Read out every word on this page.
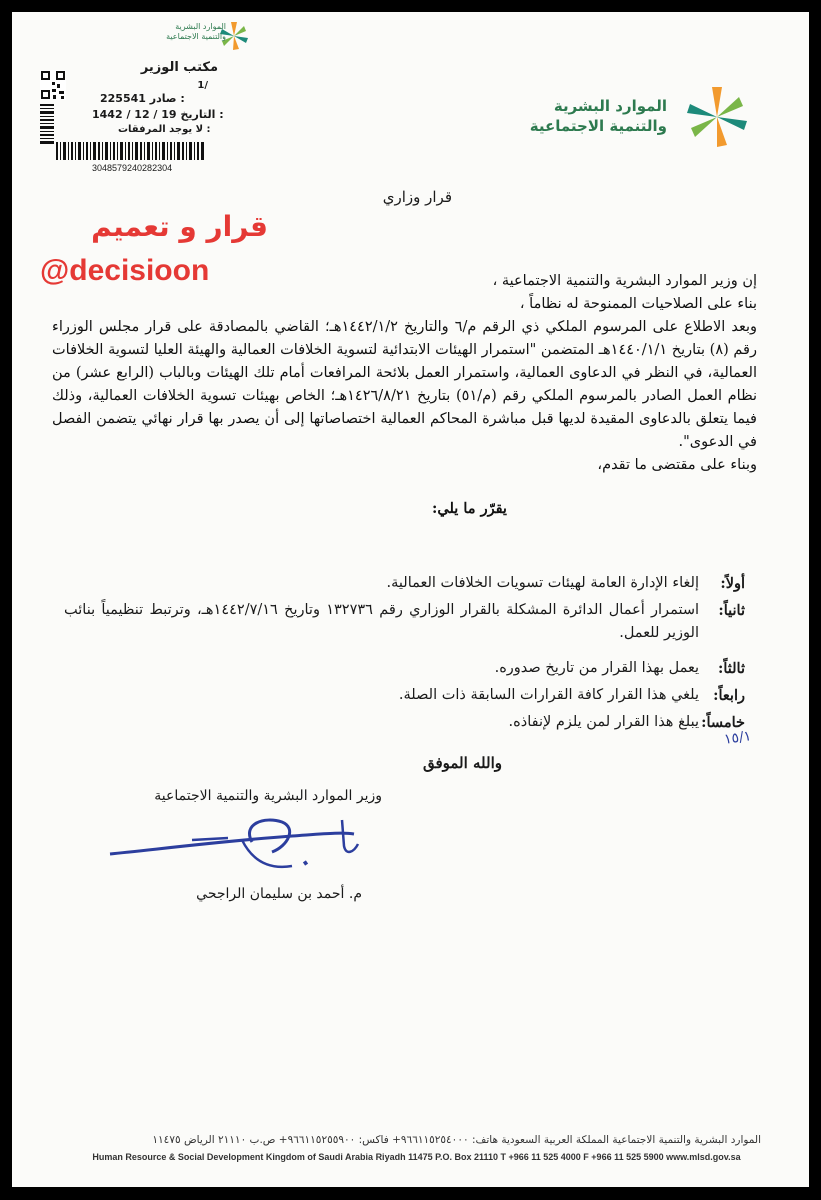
الموارد البشرية
والتنمية الاجتماعية
مكتب الوزير
/1
225541 صادر :
1442 / 12 / 19 التاريخ :
لا يوجد المرفقات :
3048579240282304
الموارد البشرية
والتنمية الاجتماعية
قرار وزاري
قرار و تعميم
@decisioon	إن وزير الموارد البشرية والتنمية الاجتماعية ،

بناء على الصلاحيات الممنوحة له نظاماً ،

وبعد الاطلاع على المرسوم الملكي ذي الرقم م/٦ والتاريخ ١٤٤٢/١/٢هـ؛ القاضي بالمصادقة على قرار مجلس الوزراء رقم (٨) بتاريخ ١٤٤٠/١/١هـ المتضمن "استمرار الهيئات الابتدائية لتسوية الخلافات العمالية والهيئة العليا لتسوية الخلافات العمالية، في النظر في الدعاوى العمالية، واستمرار العمل بلائحة المرافعات أمام تلك الهيئات وبالباب (الرابع عشر) من نظام العمل الصادر بالمرسوم الملكي رقم (م/٥١) بتاريخ ١٤٢٦/٨/٢١هـ؛ الخاص بهيئات تسوية الخلافات العمالية، وذلك فيما يتعلق بالدعاوى المقيدة لديها قبل مباشرة المحاكم العمالية اختصاصاتها إلى أن يصدر بها قرار نهائي يتضمن الفصل في الدعوى".

وبناء على مقتضى ما تقدم،

يقرّر ما يلي:

أولاً:
إلغاء الإدارة العامة لهيئات تسويات الخلافات العمالية.
ثانياً:
استمرار أعمال الدائرة المشكلة بالقرار الوزاري رقم ١٣٢٧٣٦ وتاريخ ١٤٤٢/٧/١٦هـ، وترتبط تنظيمياً بنائب الوزير للعمل.
ثالثاً:
يعمل بهذا القرار من تاريخ صدوره.
رابعاً:
يلغي هذا القرار كافة القرارات السابقة ذات الصلة.
خامساً:
يبلغ هذا القرار لمن يلزم لإنفاذه.
١٥/١
والله الموفق
وزير الموارد البشرية والتنمية الاجتماعية
م. أحمد بن سليمان الراجحي
الموارد البشرية والتنمية الاجتماعية المملكة العربية السعودية هاتف: ٩٦٦١١٥٢٥٤٠٠٠+ فاكس: ٩٦٦١١٥٢٥٥٩٠٠+ ص.ب ٢١١١٠ الرياض ١١٤٧٥
Human Resource & Social Development Kingdom of Saudi Arabia Riyadh 11475 P.O. Box 21110 T +966 11 525 4000 F +966 11 525 5900 www.mlsd.gov.sa
